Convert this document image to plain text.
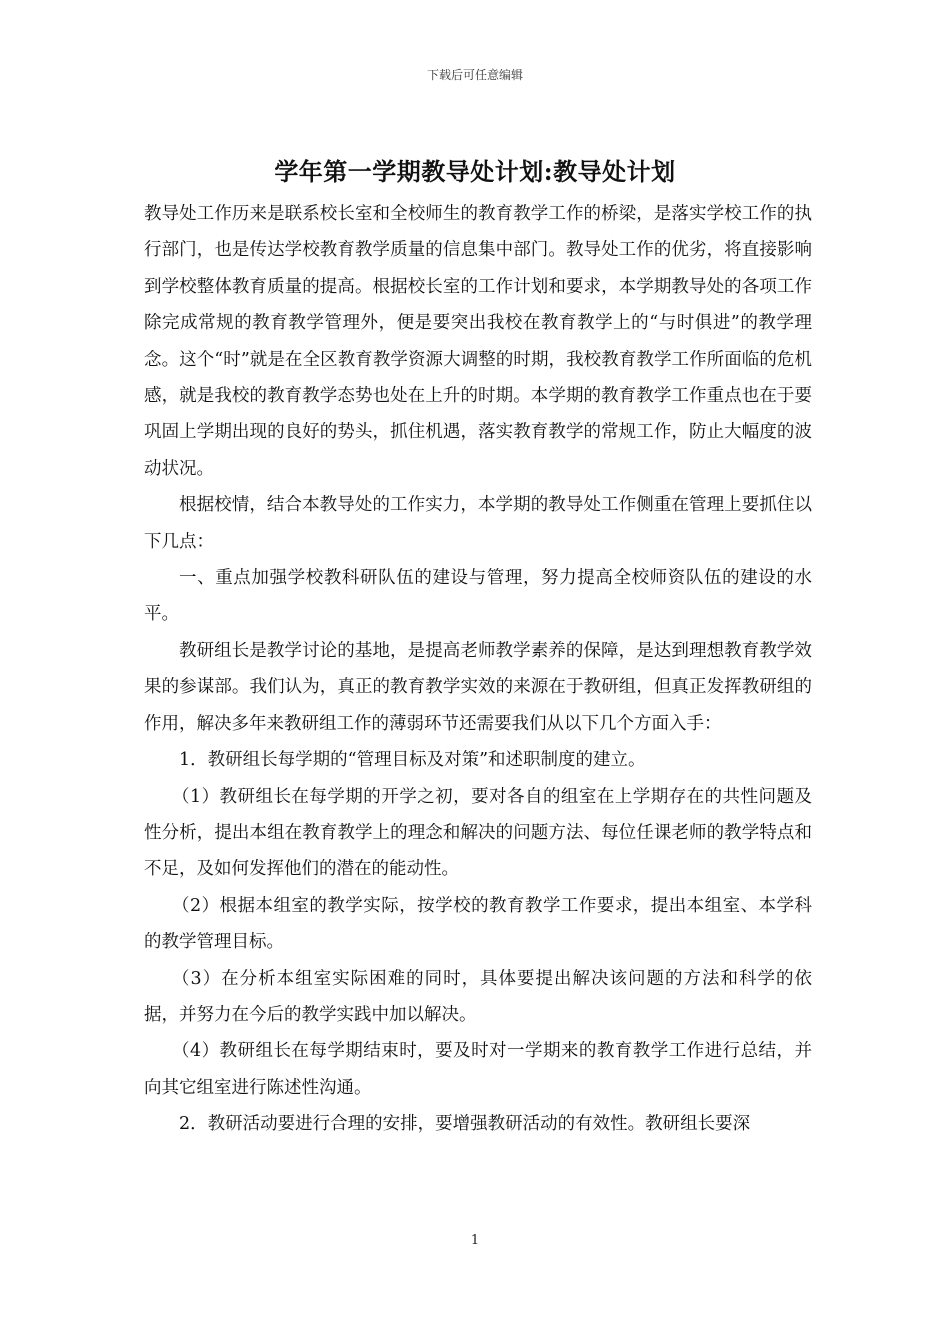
下载后可任意编辑
学年第一学期教导处计划:教导处计划

教导处工作历来是联系校长室和全校师生的教育教学工作的桥梁，是落实学校工作的执行部门，也是传达学校教育教学质量的信息集中部门。教导处工作的优劣，将直接影响到学校整体教育质量的提高。根据校长室的工作计划和要求，本学期教导处的各项工作除完成常规的教育教学管理外，便是要突出我校在教育教学上的“与时俱进”的教学理念。这个“时”就是在全区教育教学资源大调整的时期，我校教育教学工作所面临的危机感，就是我校的教育教学态势也处在上升的时期。本学期的教育教学工作重点也在于要巩固上学期出现的良好的势头，抓住机遇，落实教育教学的常规工作，防止大幅度的波动状况。

根据校情，结合本教导处的工作实力，本学期的教导处工作侧重在管理上要抓住以下几点：

一、重点加强学校教科研队伍的建设与管理，努力提高全校师资队伍的建设的水平。

教研组长是教学讨论的基地，是提高老师教学素养的保障，是达到理想教育教学效果的参谋部。我们认为，真正的教育教学实效的来源在于教研组，但真正发挥教研组的作用，解决多年来教研组工作的薄弱环节还需要我们从以下几个方面入手：

1．教研组长每学期的“管理目标及对策”和述职制度的建立。

（1）教研组长在每学期的开学之初，要对各自的组室在上学期存在的共性问题及性分析，提出本组在教育教学上的理念和解决的问题方法、每位任课老师的教学特点和不足，及如何发挥他们的潜在的能动性。

（2）根据本组室的教学实际，按学校的教育教学工作要求，提出本组室、本学科的教学管理目标。

（3）在分析本组室实际困难的同时，具体要提出解决该问题的方法和科学的依据，并努力在今后的教学实践中加以解决。

（4）教研组长在每学期结束时，要及时对一学期来的教育教学工作进行总结，并向其它组室进行陈述性沟通。

2．教研活动要进行合理的安排，要增强教研活动的有效性。教研组长要深

1
